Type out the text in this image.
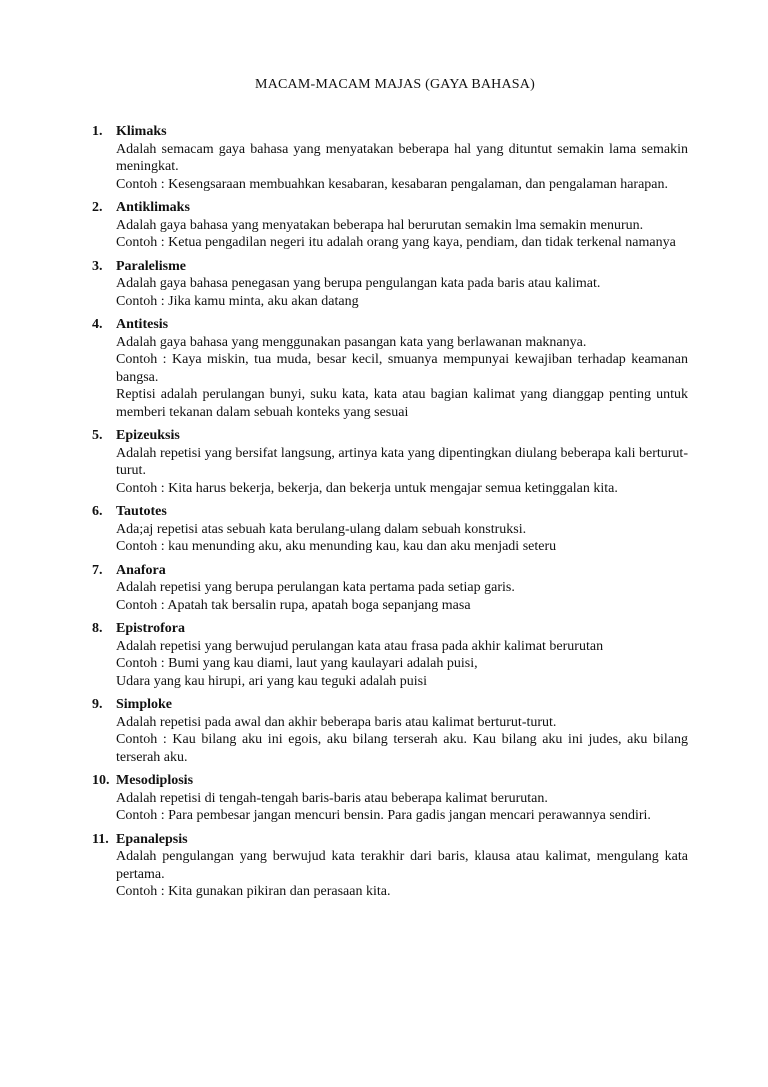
MACAM-MACAM MAJAS (GAYA BAHASA)
1. Klimaks
Adalah semacam gaya bahasa yang menyatakan beberapa hal yang dituntut semakin lama semakin meningkat.
Contoh : Kesengsaraan membuahkan kesabaran, kesabaran pengalaman, dan pengalaman harapan.
2. Antiklimaks
Adalah gaya bahasa yang menyatakan beberapa hal berurutan semakin lma semakin menurun.
Contoh : Ketua pengadilan negeri itu adalah orang yang kaya, pendiam, dan tidak terkenal namanya
3. Paralelisme
Adalah gaya bahasa penegasan yang berupa pengulangan kata pada baris atau kalimat.
Contoh : Jika kamu minta, aku akan datang
4. Antitesis
Adalah gaya bahasa yang menggunakan pasangan kata yang berlawanan maknanya.
Contoh : Kaya miskin, tua muda, besar kecil, smuanya mempunyai kewajiban terhadap keamanan bangsa.
Reptisi adalah perulangan bunyi, suku kata, kata atau bagian kalimat yang dianggap penting untuk memberi tekanan dalam sebuah konteks yang sesuai
5. Epizeuksis
Adalah repetisi yang bersifat langsung, artinya kata yang dipentingkan diulang beberapa kali berturut-turut.
Contoh : Kita harus bekerja, bekerja, dan bekerja untuk mengajar semua ketinggalan kita.
6. Tautotes
Ada;aj repetisi atas sebuah kata berulang-ulang dalam sebuah konstruksi.
Contoh : kau menunding aku, aku menunding kau, kau dan aku menjadi seteru
7. Anafora
Adalah repetisi yang berupa perulangan kata pertama pada setiap garis.
Contoh : Apatah tak bersalin rupa, apatah boga sepanjang masa
8. Epistrofora
Adalah repetisi yang berwujud perulangan kata atau frasa pada akhir kalimat berurutan
Contoh : Bumi yang kau diami, laut yang kaulayari adalah puisi,
Udara yang kau hirupi, ari yang kau teguki adalah puisi
9. Simploke
Adalah repetisi pada awal dan akhir beberapa baris atau kalimat berturut-turut.
Contoh : Kau bilang aku ini egois, aku bilang terserah aku. Kau bilang aku ini judes, aku bilang terserah aku.
10. Mesodiplosis
Adalah repetisi di tengah-tengah baris-baris atau beberapa kalimat berurutan.
Contoh : Para pembesar jangan mencuri bensin. Para gadis jangan mencari perawannya sendiri.
11. Epanalepsis
Adalah pengulangan yang berwujud kata terakhir dari baris, klausa atau kalimat, mengulang kata pertama.
Contoh : Kita gunakan pikiran dan perasaan kita.
